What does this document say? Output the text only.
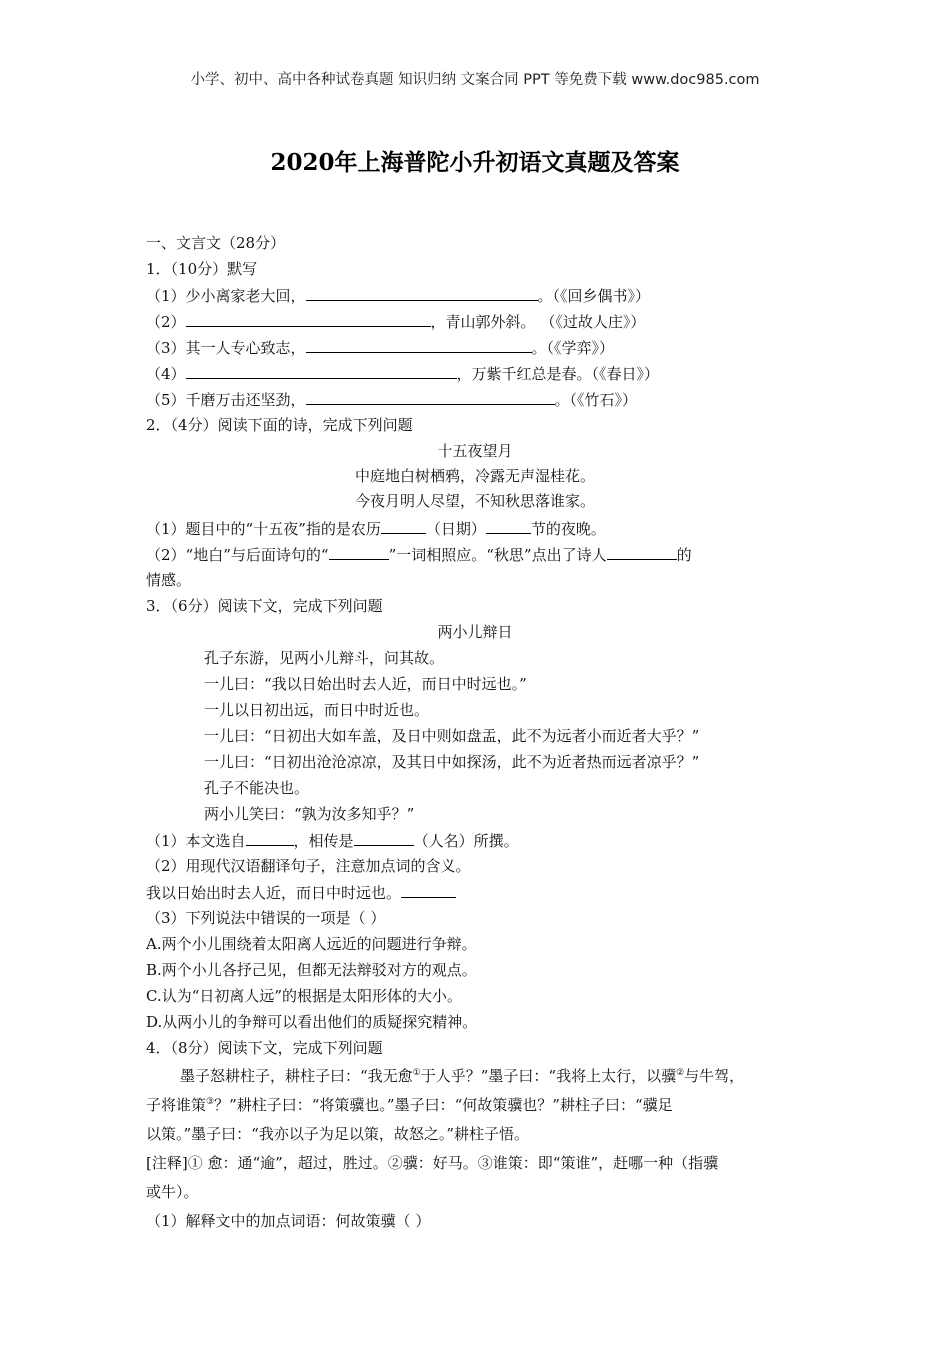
小学、初中、高中各种试卷真题 知识归纳 文案合同 PPT 等免费下载 www.doc985.com
2020年上海普陀小升初语文真题及答案
一、文言文（28分）
1．（10分）默写
（1）少小离家老大回，	。（《回乡偶书》）
（2）	，青山郭外斜。 （《过故人庄》）
（3）其一人专心致志，	。（《学弈》）
（4）	，万紫千红总是春。（《春日》）
（5）千磨万击还坚劲，	。（《竹石》）
2．（4分）阅读下面的诗，完成下列问题
十五夜望月
中庭地白树栖鸦，冷露无声湿桂花。
今夜月明人尽望，不知秋思落谁家。
（1）题目中的“十五夜”指的是农历	（日期）	节的夜晚。
（2）“地白”与后面诗句的“	”一词相照应。“秋思”点出了诗人	的
情感。
3．（6分）阅读下文，完成下列问题
两小儿辩日
孔子东游，见两小儿辩斗，问其故。
一儿曰：“我以日始出时去人近，而日中时远也。”
一儿以日初出远，而日中时近也。
一儿曰：“日初出大如车盖，及日中则如盘盂，此不为远者小而近者大乎？”
一儿曰：“日初出沧沧凉凉，及其日中如探汤，此不为近者热而远者凉乎？”
孔子不能决也。
两小儿笑曰：“孰为汝多知乎？”
（1）本文选自	，相传是	（人名）所撰。
（2）用现代汉语翻译句子，注意加点词的含义。
我以日始出时去人近，而日中时远也。
（3）下列说法中错误的一项是（ ）
A.两个小儿围绕着太阳离人远近的问题进行争辩。
B.两个小儿各抒己见，但都无法辩驳对方的观点。
C.认为“日初离人远”的根据是太阳形体的大小。
D.从两小儿的争辩可以看出他们的质疑探究精神。
4．（8分）阅读下文，完成下列问题
墨子怒耕柱子，耕柱子曰：“我无愈①于人乎？”墨子曰：“我将上太行，以骥②与牛驾，
子将谁策③？”耕柱子曰：“将策骥也。”墨子曰：“何故策骥也？”耕柱子曰：“骥足
以策。”墨子曰：“我亦以子为足以策，故怒之。”耕柱子悟。
[注释]① 愈：通“逾”，超过，胜过。②骥：好马。③谁策：即“策谁”，赶哪一种（指骥
或牛）。
（1）解释文中的加点词语：何故策骥（ ）
